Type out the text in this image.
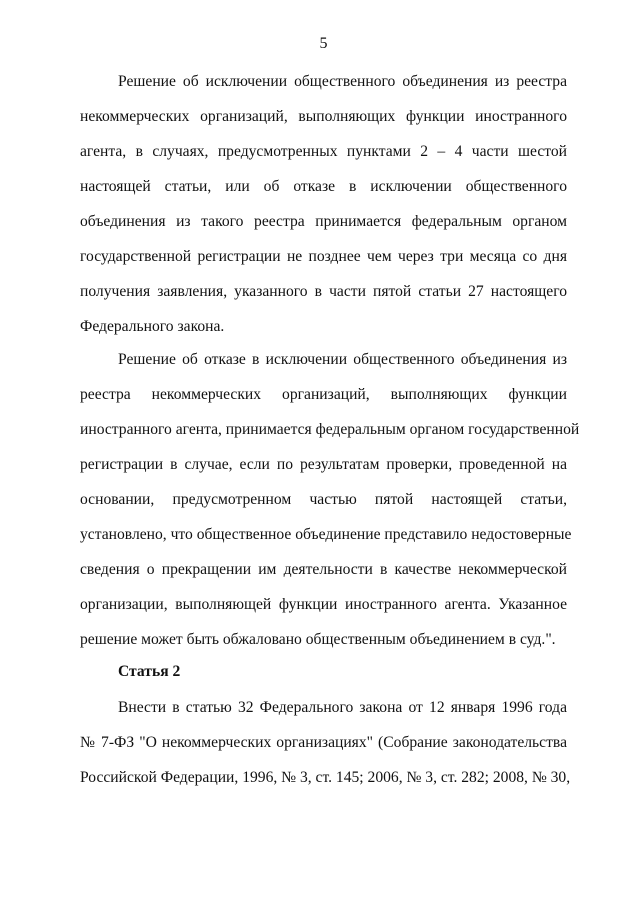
5
Решение об исключении общественного объединения из реестра
некоммерческих организаций, выполняющих функции иностранного
агента, в случаях, предусмотренных пунктами 2 – 4 части шестой
настоящей статьи, или об отказе в исключении общественного
объединения из такого реестра принимается федеральным органом
государственной регистрации не позднее чем через три месяца со дня
получения заявления, указанного в части пятой статьи 27 настоящего
Федерального закона.
Решение об отказе в исключении общественного объединения из
реестра некоммерческих организаций, выполняющих функции
иностранного агента, принимается федеральным органом государственной
регистрации в случае, если по результатам проверки, проведенной на
основании, предусмотренном частью пятой настоящей статьи,
установлено, что общественное объединение представило недостоверные
сведения о прекращении им деятельности в качестве некоммерческой
организации, выполняющей функции иностранного агента. Указанное
решение может быть обжаловано общественным объединением в суд.".
Статья 2
Внести в статью 32 Федерального закона от 12 января 1996 года
№ 7-ФЗ "О некоммерческих организациях" (Собрание законодательства
Российской Федерации, 1996, № 3, ст. 145; 2006, № 3, ст. 282; 2008, № 30,
